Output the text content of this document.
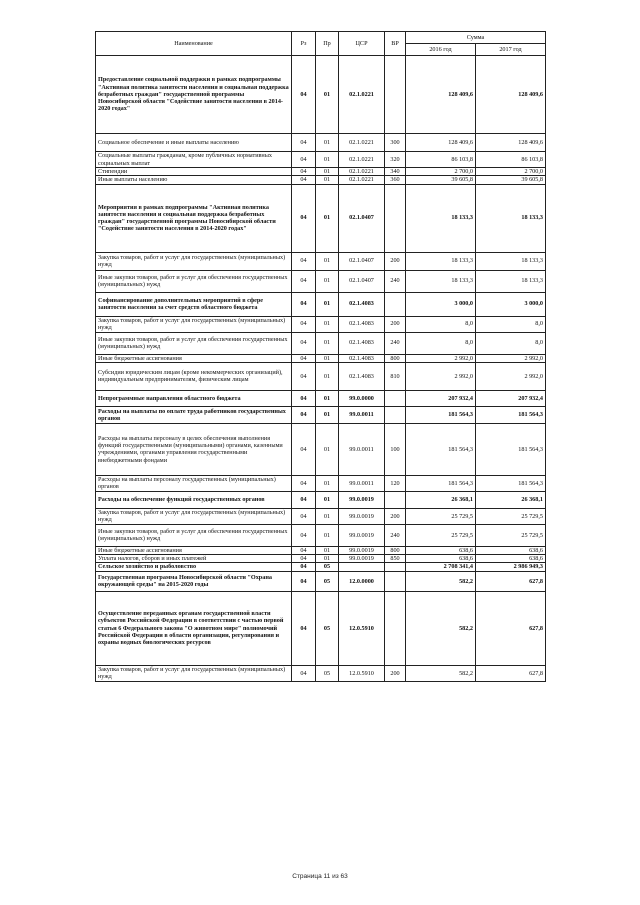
Наименование	Рз	Пр	ЦСР	ВР	Сумма	
					2016 год	2017 год
Предоставление социальной поддержки в рамках подпрограммы "Активная политика занятости населения и социальная поддержка безработных граждан" государственной программы Новосибирской области "Содействие занятости населения в 2014-2020 годах"	04	01	02.1.0221		128 409,6	128 409,6
Социальное обеспечение и иные выплаты населению	04	01	02.1.0221	300	128 409,6	128 409,6
Социальные выплаты гражданам, кроме публичных нормативных социальных выплат	04	01	02.1.0221	320	86 103,8	86 103,8
Стипендии	04	01	02.1.0221	340	2 700,0	2 700,0
Иные выплаты населению	04	01	02.1.0221	360	39 605,8	39 605,8
Мероприятия в рамках подпрограммы "Активная политика занятости населения и социальная поддержка безработных граждан" государственной программы Новосибирской области "Содействие занятости населения в 2014-2020 годах"	04	01	02.1.0407		18 133,3	18 133,3
Закупка товаров, работ и услуг для государственных (муниципальных) нужд	04	01	02.1.0407	200	18 133,3	18 133,3
Иные закупки товаров, работ и услуг для обеспечения государственных (муниципальных) нужд	04	01	02.1.0407	240	18 133,3	18 133,3
Софинансирование дополнительных мероприятий в сфере занятости населения за счет средств областного бюджета	04	01	02.1.4083		3 000,0	3 000,0
Закупка товаров, работ и услуг для государственных (муниципальных) нужд	04	01	02.1.4083	200	8,0	8,0
Иные закупки товаров, работ и услуг для обеспечения государственных (муниципальных) нужд	04	01	02.1.4083	240	8,0	8,0
Иные бюджетные ассигнования	04	01	02.1.4083	800	2 992,0	2 992,0
Субсидии юридическим лицам (кроме некоммерческих организаций), индивидуальным предпринимателям, физическим лицам	04	01	02.1.4083	810	2 992,0	2 992,0
Непрограммные направления областного бюджета	04	01	99.0.0000		207 932,4	207 932,4
Расходы на выплаты по оплате труда работников государственных органов	04	01	99.0.0011		181 564,3	181 564,3
Расходы на выплаты персоналу в целях обеспечения выполнения функций государственными (муниципальными) органами, казенными учреждениями, органами управления государственными внебюджетными фондами	04	01	99.0.0011	100	181 564,3	181 564,3
Расходы на выплаты персоналу государственных (муниципальных) органов	04	01	99.0.0011	120	181 564,3	181 564,3
Расходы на обеспечение функций государственных органов	04	01	99.0.0019		26 368,1	26 368,1
Закупка товаров, работ и услуг для государственных (муниципальных) нужд	04	01	99.0.0019	200	25 729,5	25 729,5
Иные закупки товаров, работ и услуг для обеспечения государственных (муниципальных) нужд	04	01	99.0.0019	240	25 729,5	25 729,5
Иные бюджетные ассигнования	04	01	99.0.0019	800	638,6	638,6
Уплата налогов, сборов и иных платежей	04	01	99.0.0019	850	638,6	638,6
Сельское хозяйство и рыболовство	04	05			2 708 341,4	2 986 949,3
Государственная программа Новосибирской области "Охрана окружающей среды" на 2015-2020 годы	04	05	12.0.0000		582,2	627,8
Осуществление переданных органам государственной власти субъектов Российской Федерации в соответствии с частью первой статьи 6 Федерального закона "О животном мире" полномочий Российской Федерации в области организации, регулирования и охраны водных биологических ресурсов	04	05	12.0.5910		582,2	627,8
Закупка товаров, работ и услуг для государственных (муниципальных) нужд	04	05	12.0.5910	200	582,2	627,8
Страница 11 из 63
